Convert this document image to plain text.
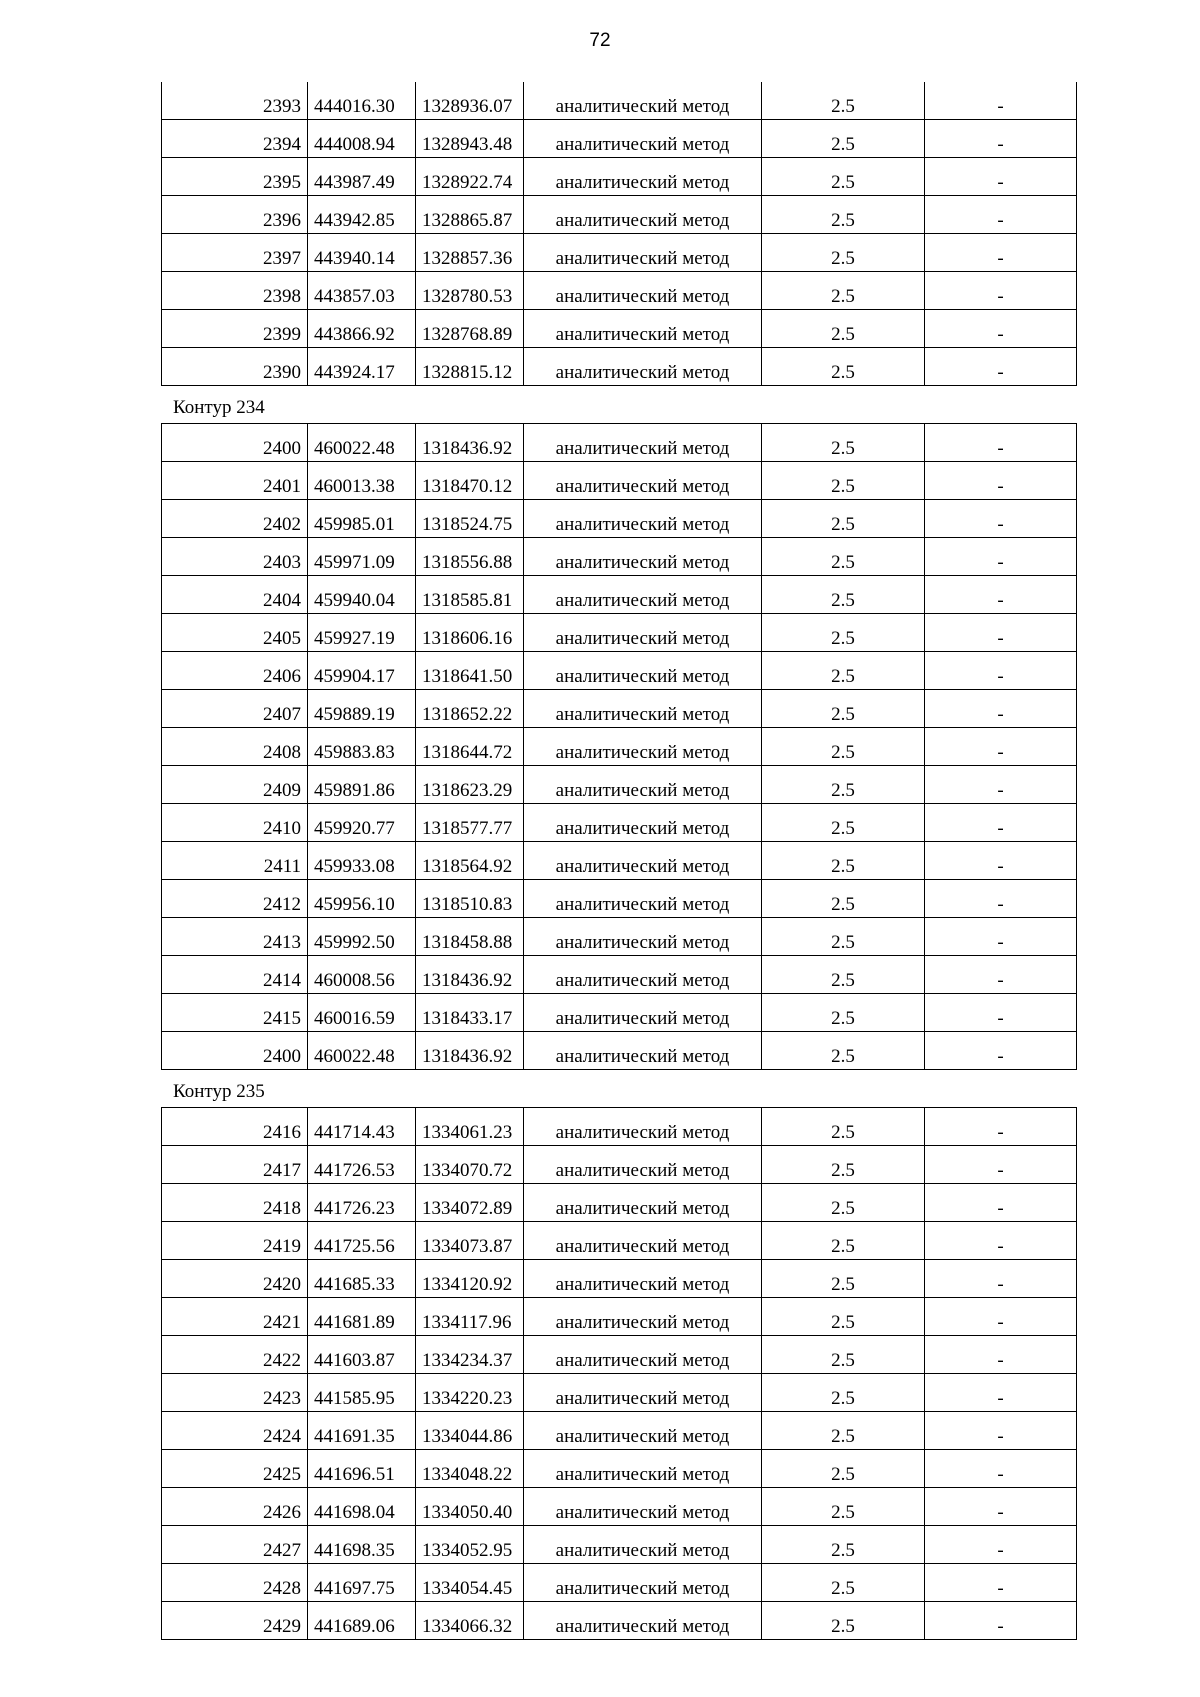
72
2393	444016.30	1328936.07	аналитический метод	2.5	-
2394	444008.94	1328943.48	аналитический метод	2.5	-
2395	443987.49	1328922.74	аналитический метод	2.5	-
2396	443942.85	1328865.87	аналитический метод	2.5	-
2397	443940.14	1328857.36	аналитический метод	2.5	-
2398	443857.03	1328780.53	аналитический метод	2.5	-
2399	443866.92	1328768.89	аналитический метод	2.5	-
2390	443924.17	1328815.12	аналитический метод	2.5	-
Контур 234
2400	460022.48	1318436.92	аналитический метод	2.5	-
2401	460013.38	1318470.12	аналитический метод	2.5	-
2402	459985.01	1318524.75	аналитический метод	2.5	-
2403	459971.09	1318556.88	аналитический метод	2.5	-
2404	459940.04	1318585.81	аналитический метод	2.5	-
2405	459927.19	1318606.16	аналитический метод	2.5	-
2406	459904.17	1318641.50	аналитический метод	2.5	-
2407	459889.19	1318652.22	аналитический метод	2.5	-
2408	459883.83	1318644.72	аналитический метод	2.5	-
2409	459891.86	1318623.29	аналитический метод	2.5	-
2410	459920.77	1318577.77	аналитический метод	2.5	-
2411	459933.08	1318564.92	аналитический метод	2.5	-
2412	459956.10	1318510.83	аналитический метод	2.5	-
2413	459992.50	1318458.88	аналитический метод	2.5	-
2414	460008.56	1318436.92	аналитический метод	2.5	-
2415	460016.59	1318433.17	аналитический метод	2.5	-
2400	460022.48	1318436.92	аналитический метод	2.5	-
Контур 235
2416	441714.43	1334061.23	аналитический метод	2.5	-
2417	441726.53	1334070.72	аналитический метод	2.5	-
2418	441726.23	1334072.89	аналитический метод	2.5	-
2419	441725.56	1334073.87	аналитический метод	2.5	-
2420	441685.33	1334120.92	аналитический метод	2.5	-
2421	441681.89	1334117.96	аналитический метод	2.5	-
2422	441603.87	1334234.37	аналитический метод	2.5	-
2423	441585.95	1334220.23	аналитический метод	2.5	-
2424	441691.35	1334044.86	аналитический метод	2.5	-
2425	441696.51	1334048.22	аналитический метод	2.5	-
2426	441698.04	1334050.40	аналитический метод	2.5	-
2427	441698.35	1334052.95	аналитический метод	2.5	-
2428	441697.75	1334054.45	аналитический метод	2.5	-
2429	441689.06	1334066.32	аналитический метод	2.5	-
